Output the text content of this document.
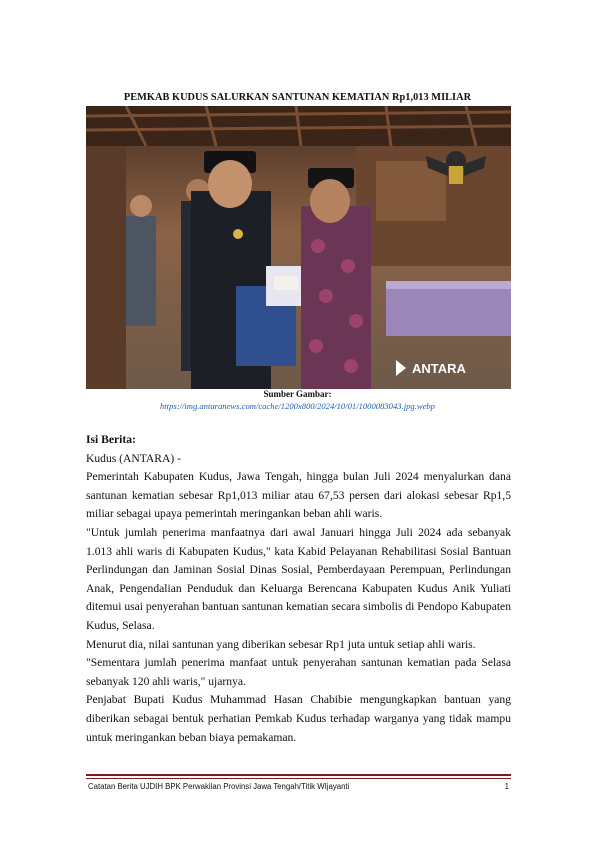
PEMKAB KUDUS SALURKAN SANTUNAN KEMATIAN Rp1,013 MILIAR
ANTARA
Sumber Gambar:
https://img.antaranews.com/cache/1200x800/2024/10/01/1000083043.jpg.webp

Isi Berita:

Kudus (ANTARA) -

Pemerintah Kabupaten Kudus, Jawa Tengah, hingga bulan Juli 2024 menyalurkan dana santunan kematian sebesar Rp1,013 miliar atau 67,53 persen dari alokasi sebesar Rp1,5 miliar sebagai upaya pemerintah meringankan beban ahli waris.

"Untuk jumlah penerima manfaatnya dari awal Januari hingga Juli 2024 ada sebanyak 1.013 ahli waris di Kabupaten Kudus," kata Kabid Pelayanan Rehabilitasi Sosial Bantuan Perlindungan dan Jaminan Sosial Dinas Sosial, Pemberdayaan Perempuan, Perlindungan Anak, Pengendalian Penduduk dan Keluarga Berencana Kabupaten Kudus Anik Yuliati ditemui usai penyerahan bantuan santunan kematian secara simbolis di Pendopo Kabupaten Kudus, Selasa.

Menurut dia, nilai santunan yang diberikan sebesar Rp1 juta untuk setiap ahli waris.

"Sementara jumlah penerima manfaat untuk penyerahan santunan kematian pada Selasa sebanyak 120 ahli waris," ujarnya.

Penjabat Bupati Kudus Muhammad Hasan Chabibie mengungkapkan bantuan yang diberikan sebagai bentuk perhatian Pemkab Kudus terhadap warganya yang tidak mampu untuk meringankan beban biaya pemakaman.

Catatan Berita UJDIH BPK Perwakilan Provinsi Jawa Tengah/Titik WIjayanti	1
